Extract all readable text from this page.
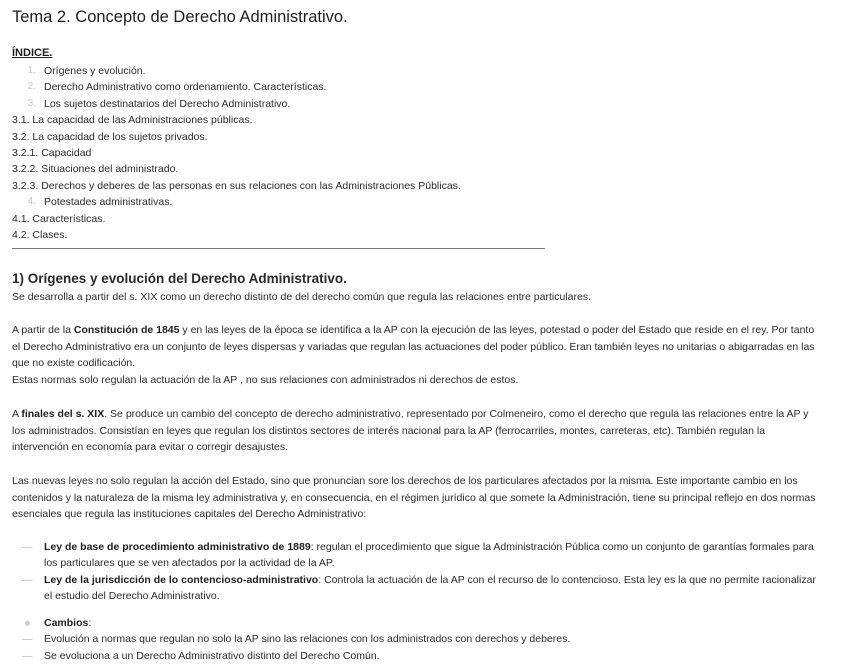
Tema 2. Concepto de Derecho Administrativo.
ÍNDICE.
1. Orígenes y evolución.
2. Derecho Administrativo como ordenamiento. Características.
3. Los sujetos destinatarios del Derecho Administrativo.
3.1. La capacidad de las Administraciones públicas.
3.2. La capacidad de los sujetos privados.
3.2.1. Capacidad
3.2.2. Situaciones del administrado.
3.2.3. Derechos y deberes de las personas en sus relaciones con las Administraciones Públicas.
4. Potestades administrativas.
4.1. Características.
4.2. Clases.
1) Orígenes y evolución del Derecho Administrativo.
Se desarrolla a partir del s. XIX como un derecho distinto de del derecho común que regula las relaciones entre particulares.
A partir de la Constitución de 1845 y en las leyes de la época se identifica a la AP con la ejecución de las leyes, potestad o poder del Estado que reside en el rey. Por tanto el Derecho Administrativo era un conjunto de leyes dispersas y variadas que regulan las actuaciones del poder público. Eran también leyes no unitarias o abigarradas en las que no existe codificación.
Estas normas solo regulan la actuación de la AP , no sus relaciones con administrados ni derechos de estos.
A finales del s. XIX. Se produce un cambio del concepto de derecho administrativo, representado por Colmeneiro, como el derecho que regula las relaciones entre la AP y los administrados. Consistían en leyes que regulan los distintos sectores de interés nacional para la AP (ferrocarriles, montes, carreteras, etc). También regulan la intervención en economía para evitar o corregir desajustes.
Las nuevas leyes no solo regulan la acción del Estado, sino que pronuncian sore los derechos de los particulares afectados por la misma. Este importante cambio en los contenidos y la naturaleza de la misma ley administrativa y, en consecuencia, en el régimen jurídico al que somete la Administración, tiene su principal reflejo en dos normas esenciales que regula las instituciones capitales del Derecho Administrativo:
— Ley de base de procedimiento administrativo de 1889: regulan el procedimiento que sigue la Administración Pública como un conjunto de garantías formales para los particulares que se ven afectados por la actividad de la AP.
— Ley de la jurisdicción de lo contencioso-administrativo: Controla la actuación de la AP con el recurso de lo contencioso. Esta ley es la que no permite racionalizar el estudio del Derecho Administrativo.
Cambios:
— Evolución a normas que regulan no solo la AP sino las relaciones con los administrados con derechos y deberes.
— Se evoluciona a un Derecho Administrativo distinto del Derecho Común.
